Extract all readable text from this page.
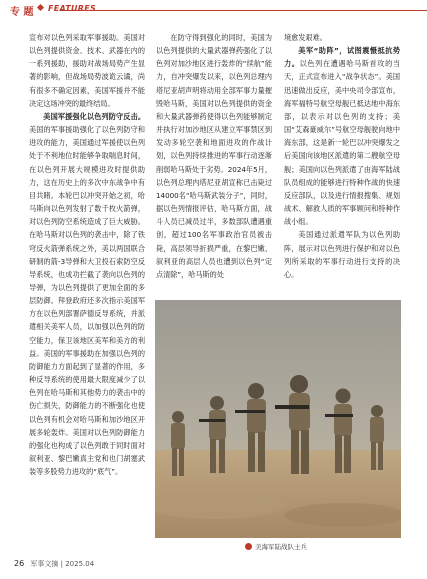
专 题 FEATURES

宣布对以色列采取军事援助。美国对以色列提供资金、技术、武器在内的一系列援助，援助对战场局势产生显著的影响，但战场局势波诡云谲，尚有很多不确定因素，美国军援并不能决定这场冲突的最终结局。

美国军援强化以色列防守反击。美国的军事援助强化了以色列防守和进攻的能力，美国通过军援使以色列处于不利地位时能够争取喘息时间，在以色列开展大规模进攻时提供助力，这在历史上的多次中东战争中有目共睹。本轮巴以冲突开始之初，哈马斯向以色列发射了数千枚火箭弹，对以色列防空系统造成了巨大威胁。在哈马斯对以色列的袭击中，除了铁穹反火箭弹系统之外，美以两国联合研制的箭-3导弹和大卫投石索防空反导系统，也成功拦截了袭向以色列的导弹，为以色列提供了更加全面的多层防御。拜登政府还多次指示美国军方在以色列部署萨德反导系统，并派遣相关美军人员，以加强以色列的防空能力，保卫该地区美军和美方的利益。美国的军事援助在加强以色列的防御能力方面起到了显著的作用，多种反导系统的使用最大限度减少了以色列在哈马斯和其他势力的袭击中的伤亡损失，防御能力的不断强化也使以色列有机会对哈马斯和加沙地区开展多轮轰炸。美国对以色列防御能力的强化也构成了以色列敢于同时面对叙利亚、黎巴嫩真主党和也门胡塞武装等多股势力进攻的“底气”。

在防守得到强化的同时，美国为以色列提供的大量武器弹药强化了以色列对加沙地区进行轰炸的“续航”能力，自冲突爆发以来，以色列总理内塔尼亚胡声明将动用全部军事力量摧毁哈马斯，美国对以色列提供的资金和大量武器弹药使得以色列能够制定并执行对加沙地区从建立军事禁区到发动多轮空袭和地面进攻的作战计划，以色列持续推进的军事行动逐渐削弱哈马斯处于劣势。2024年5月，以色列总理内塔尼亚胡宣称已击毙过14000名“哈马斯武装分子”，同时，据以色列情报评估，哈马斯方面，战斗人员已减员过半，多数部队遭遇重创，超过100名军事政治官员被击毙，高层领导折损严重，在黎巴嫩、叙利亚的高层人员也遭到以色列“定点清除”，哈马斯的处

境愈发艰难。

美军“助阵”，试图震慑抵抗势力。以色列在遭遇哈马斯首攻的当天，正式宣布进入“战争状态”。美国迅速做出反应，美中央司令部宣布，海军福特号航空母舰已抵达地中海东部，以表示对以色列的支持；美国“艾森豪威尔”号航空母舰驶向地中海东部，这是新一轮巴以冲突爆发之后美国向该地区派遣的第二艘航空母舰；美国向以色列派遣了由海军陆战队员组成的能够进行特种作战的快速反应部队，以及进行情报搜集、规划战术、解救人质的军事顾问和特种作战小组。

美国通过派遣军队为以色列助阵，展示对以色列进行保护和对以色列所采取的军事行动进行支持的决心。

美海军陆战队士兵
26 军事文摘 | 2025.04
